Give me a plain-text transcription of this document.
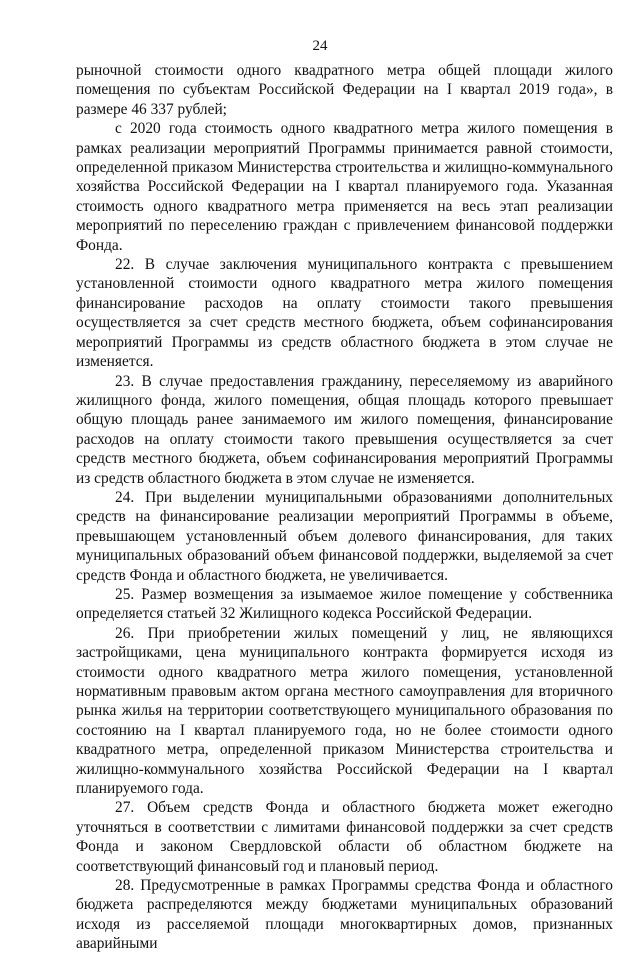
24

рыночной стоимости одного квадратного метра общей площади жилого помещения по субъектам Российской Федерации на I квартал 2019 года», в размере 46 337 рублей;

с 2020 года стоимость одного квадратного метра жилого помещения в рамках реализации мероприятий Программы принимается равной стоимости, определенной приказом Министерства строительства и жилищно-коммунального хозяйства Российской Федерации на I квартал планируемого года. Указанная стоимость одного квадратного метра применяется на весь этап реализации мероприятий по переселению граждан с привлечением финансовой поддержки Фонда.

22. В случае заключения муниципального контракта с превышением установленной стоимости одного квадратного метра жилого помещения финансирование расходов на оплату стоимости такого превышения осуществляется за счет средств местного бюджета, объем софинансирования мероприятий Программы из средств областного бюджета в этом случае не изменяется.

23. В случае предоставления гражданину, переселяемому из аварийного жилищного фонда, жилого помещения, общая площадь которого превышает общую площадь ранее занимаемого им жилого помещения, финансирование расходов на оплату стоимости такого превышения осуществляется за счет средств местного бюджета, объем софинансирования мероприятий Программы из средств областного бюджета в этом случае не изменяется.

24. При выделении муниципальными образованиями дополнительных средств на финансирование реализации мероприятий Программы в объеме, превышающем установленный объем долевого финансирования, для таких муниципальных образований объем финансовой поддержки, выделяемой за счет средств Фонда и областного бюджета, не увеличивается.

25. Размер возмещения за изымаемое жилое помещение у собственника определяется статьей 32 Жилищного кодекса Российской Федерации.

26. При приобретении жилых помещений у лиц, не являющихся застройщиками, цена муниципального контракта формируется исходя из стоимости одного квадратного метра жилого помещения, установленной нормативным правовым актом органа местного самоуправления для вторичного рынка жилья на территории соответствующего муниципального образования по состоянию на I квартал планируемого года, но не более стоимости одного квадратного метра, определенной приказом Министерства строительства и жилищно-коммунального хозяйства Российской Федерации на I квартал планируемого года.

27. Объем средств Фонда и областного бюджета может ежегодно уточняться в соответствии с лимитами финансовой поддержки за счет средств Фонда и законом Свердловской области об областном бюджете на соответствующий финансовый год и плановый период.

28. Предусмотренные в рамках Программы средства Фонда и областного бюджета распределяются между бюджетами муниципальных образований исходя из расселяемой площади многоквартирных домов, признанных аварийными
